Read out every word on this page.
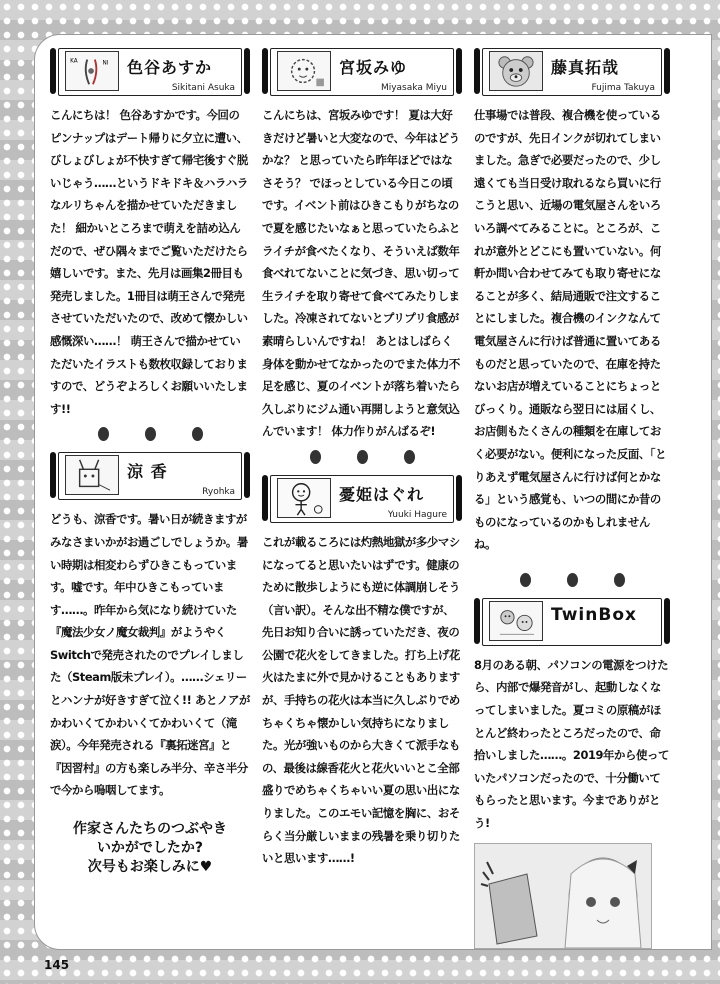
KA	NI 色谷あすか
Sikitani Asuka

こんにちは！ 色谷あすかです。今回のピンナップはデート帰りに夕立に遭い、びしょびしょが不快すぎて帰宅後すぐ脱いじゃう……というドキドキ＆ハラハラなルリちゃんを描かせていただきました！ 細かいところまで萌えを詰め込んだので、ぜひ隅々までご覧いただけたら嬉しいです。また、先月は画集2冊目も発売しました。1冊目は萌王さんで発売させていただいたので、改めて懐かしい感慨深い……！ 萌王さんで描かせていただいたイラストも数枚収録しておりますので、どうぞよろしくお願いいたします!!

涼 香
Ryohka

どうも、涼香です。暑い日が続きますがみなさまいかがお過ごしでしょうか。暑い時期は相変わらずひきこもっています。嘘です。年中ひきこもっています……。昨年から気になり続けていた『魔法少女ノ魔女裁判』がようやくSwitchで発売されたのでプレイしました（Steam版未プレイ）。……シェリーとハンナが好きすぎて泣く!! あとノアがかわいくてかわいくてかわいくて（滝涙）。今年発売される『裏拓迷宮』と『因習村』の方も楽しみ半分、辛さ半分で今から嗚咽してます。

作家さんたちのつぶやき
いかがでしたか?
次号もお楽しみに♥
宮坂みゆ
Miyasaka Miyu

こんにちは、宮坂みゆです！ 夏は大好きだけど暑いと大変なので、今年はどうかな？ と思っていたら昨年ほどではなさそう？ でほっとしている今日この頃です。イベント前はひきこもりがちなので夏を感じたいなぁと思っていたらふとライチが食べたくなり、そういえば数年食べれてないことに気づき、思い切って生ライチを取り寄せて食べてみたりしました。冷凍されてないとプリプリ食感が素晴らしいんですね！ あとはしばらく身体を動かせてなかったのでまた体力不足を感じ、夏のイベントが落ち着いたら久しぶりにジム通い再開しようと意気込んでいます！ 体力作りがんばるぞ!

憂姫はぐれ
Yuuki Hagure

これが載るころには灼熱地獄が多少マシになってると思いたいはずです。健康のために散歩しようにも逆に体調崩しそう（言い訳）。そんな出不精な僕ですが、先日お知り合いに誘っていただき、夜の公園で花火をしてきました。打ち上げ花火はたまに外で見かけることもありますが、手持ちの花火は本当に久しぶりでめちゃくちゃ懐かしい気持ちになりました。光が強いものから大きくて派手なもの、最後は線香花火と花火いいとこ全部盛りでめちゃくちゃいい夏の思い出になりました。このエモい記憶を胸に、おそらく当分厳しいままの残暑を乗り切りたいと思います……!

藤真拓哉
Fujima Takuya

仕事場では普段、複合機を使っているのですが、先日インクが切れてしまいました。急ぎで必要だったので、少し遠くても当日受け取れるなら買いに行こうと思い、近場の電気屋さんをいろいろ調べてみることに。ところが、これが意外とどこにも置いていない。何軒か問い合わせてみても取り寄せになることが多く、結局通販で注文することにしました。複合機のインクなんて電気屋さんに行けば普通に置いてあるものだと思っていたので、在庫を持たないお店が増えていることにちょっとびっくり。通販なら翌日には届くし、お店側もたくさんの種類を在庫しておく必要がない。便利になった反面、「とりあえず電気屋さんに行けば何とかなる」という感覚も、いつの間にか昔のものになっているのかもしれませんね。

TwinBox

8月のある朝、パソコンの電源をつけたら、内部で爆発音がし、起動しなくなってしまいました。夏コミの原稿がほとんど終わったところだったので、命拾いしました……。2019年から使っていたパソコンだったので、十分働いてもらったと思います。今までありがとう!

145
